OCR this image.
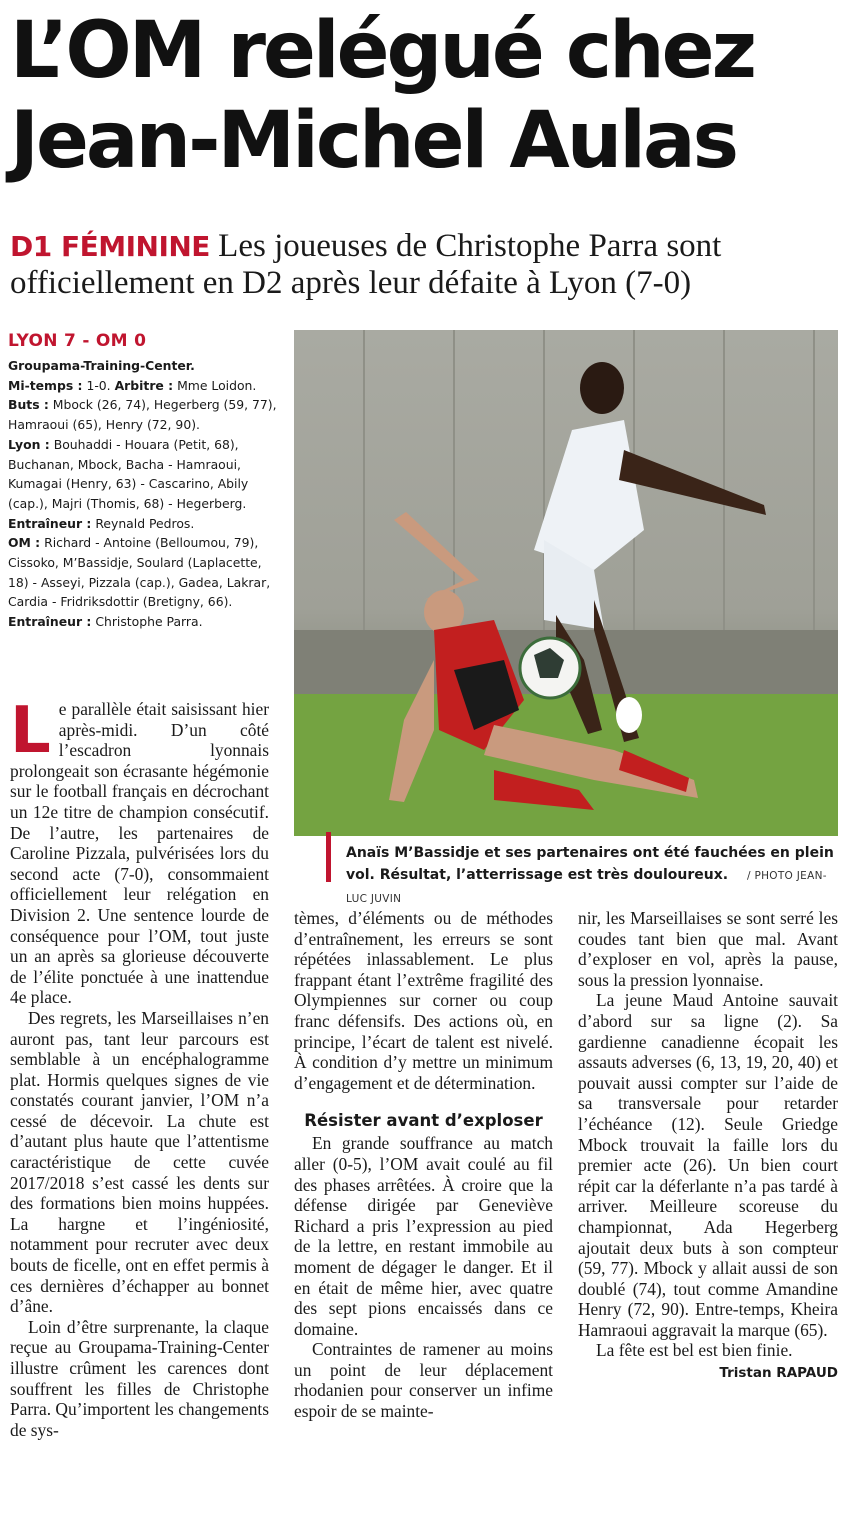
L’OM relégué chez
Jean-Michel Aulas
D1 FÉMININE Les joueuses de Christophe Parra sont officiellement en D2 après leur défaite à Lyon (7-0)
LYON 7 - OM 0
Groupama-Training-Center.
Mi-temps : 1-0. Arbitre : Mme Loidon.
Buts : Mbock (26, 74), Hegerberg (59, 77), Hamraoui (65), Henry (72, 90).
Lyon : Bouhaddi - Houara (Petit, 68), Buchanan, Mbock, Bacha - Hamraoui, Kumagai (Henry, 63) - Cascarino, Abily (cap.), Majri (Thomis, 68) - Hegerberg.
Entraîneur : Reynald Pedros.
OM : Richard - Antoine (Belloumou, 79), Cissoko, M’Bassidje, Soulard (Laplacette, 18) - Asseyi, Pizzala (cap.), Gadea, Lakrar, Cardia - Fridriksdottir (Bretigny, 66).
Entraîneur : Christophe Parra.
Anaïs M’Bassidje et ses partenaires ont été fauchées en plein vol. Résultat, l’atterrissage est très douloureux. / PHOTO JEAN-LUC JUVIN

Le parallèle était saisissant hier après-midi. D’un côté l’escadron lyonnais prolongeait son écrasante hégémonie sur le football français en décrochant un 12e titre de champion consécutif. De l’autre, les partenaires de Caroline Pizzala, pulvérisées lors du second acte (7-0), consommaient officiellement leur relégation en Division 2. Une sentence lourde de conséquence pour l’OM, tout juste un an après sa glorieuse découverte de l’élite ponctuée à une inattendue 4e place.

Des regrets, les Marseillaises n’en auront pas, tant leur parcours est semblable à un encéphalogramme plat. Hormis quelques signes de vie constatés courant janvier, l’OM n’a cessé de décevoir. La chute est d’autant plus haute que l’attentisme caractéristique de cette cuvée 2017/2018 s’est cassé les dents sur des formations bien moins huppées. La hargne et l’ingéniosité, notamment pour recruter avec deux bouts de ficelle, ont en effet permis à ces dernières d’échapper au bonnet d’âne.

Loin d’être surprenante, la claque reçue au Groupama-Training-Center illustre crûment les carences dont souffrent les filles de Christophe Parra. Qu’importent les changements de sys-

tèmes, d’éléments ou de méthodes d’entraînement, les erreurs se sont répétées inlassablement. Le plus frappant étant l’extrême fragilité des Olympiennes sur corner ou coup franc défensifs. Des actions où, en principe, l’écart de talent est nivelé. À condition d’y mettre un minimum d’engagement et de détermination.

Résister avant d’exploser

En grande souffrance au match aller (0-5), l’OM avait coulé au fil des phases arrêtées. À croire que la défense dirigée par Geneviève Richard a pris l’expression au pied de la lettre, en restant immobile au moment de dégager le danger. Et il en était de même hier, avec quatre des sept pions encaissés dans ce domaine.

Contraintes de ramener au moins un point de leur déplacement rhodanien pour conserver un infime espoir de se mainte-

nir, les Marseillaises se sont serré les coudes tant bien que mal. Avant d’exploser en vol, après la pause, sous la pression lyonnaise.

La jeune Maud Antoine sauvait d’abord sur sa ligne (2). Sa gardienne canadienne écopait les assauts adverses (6, 13, 19, 20, 40) et pouvait aussi compter sur l’aide de sa transversale pour retarder l’échéance (12). Seule Griedge Mbock trouvait la faille lors du premier acte (26). Un bien court répit car la déferlante n’a pas tardé à arriver. Meilleure scoreuse du championnat, Ada Hegerberg ajoutait deux buts à son compteur (59, 77). Mbock y allait aussi de son doublé (74), tout comme Amandine Henry (72, 90). Entre-temps, Kheira Hamraoui aggravait la marque (65).

La fête est bel est bien finie.

Tristan RAPAUD
